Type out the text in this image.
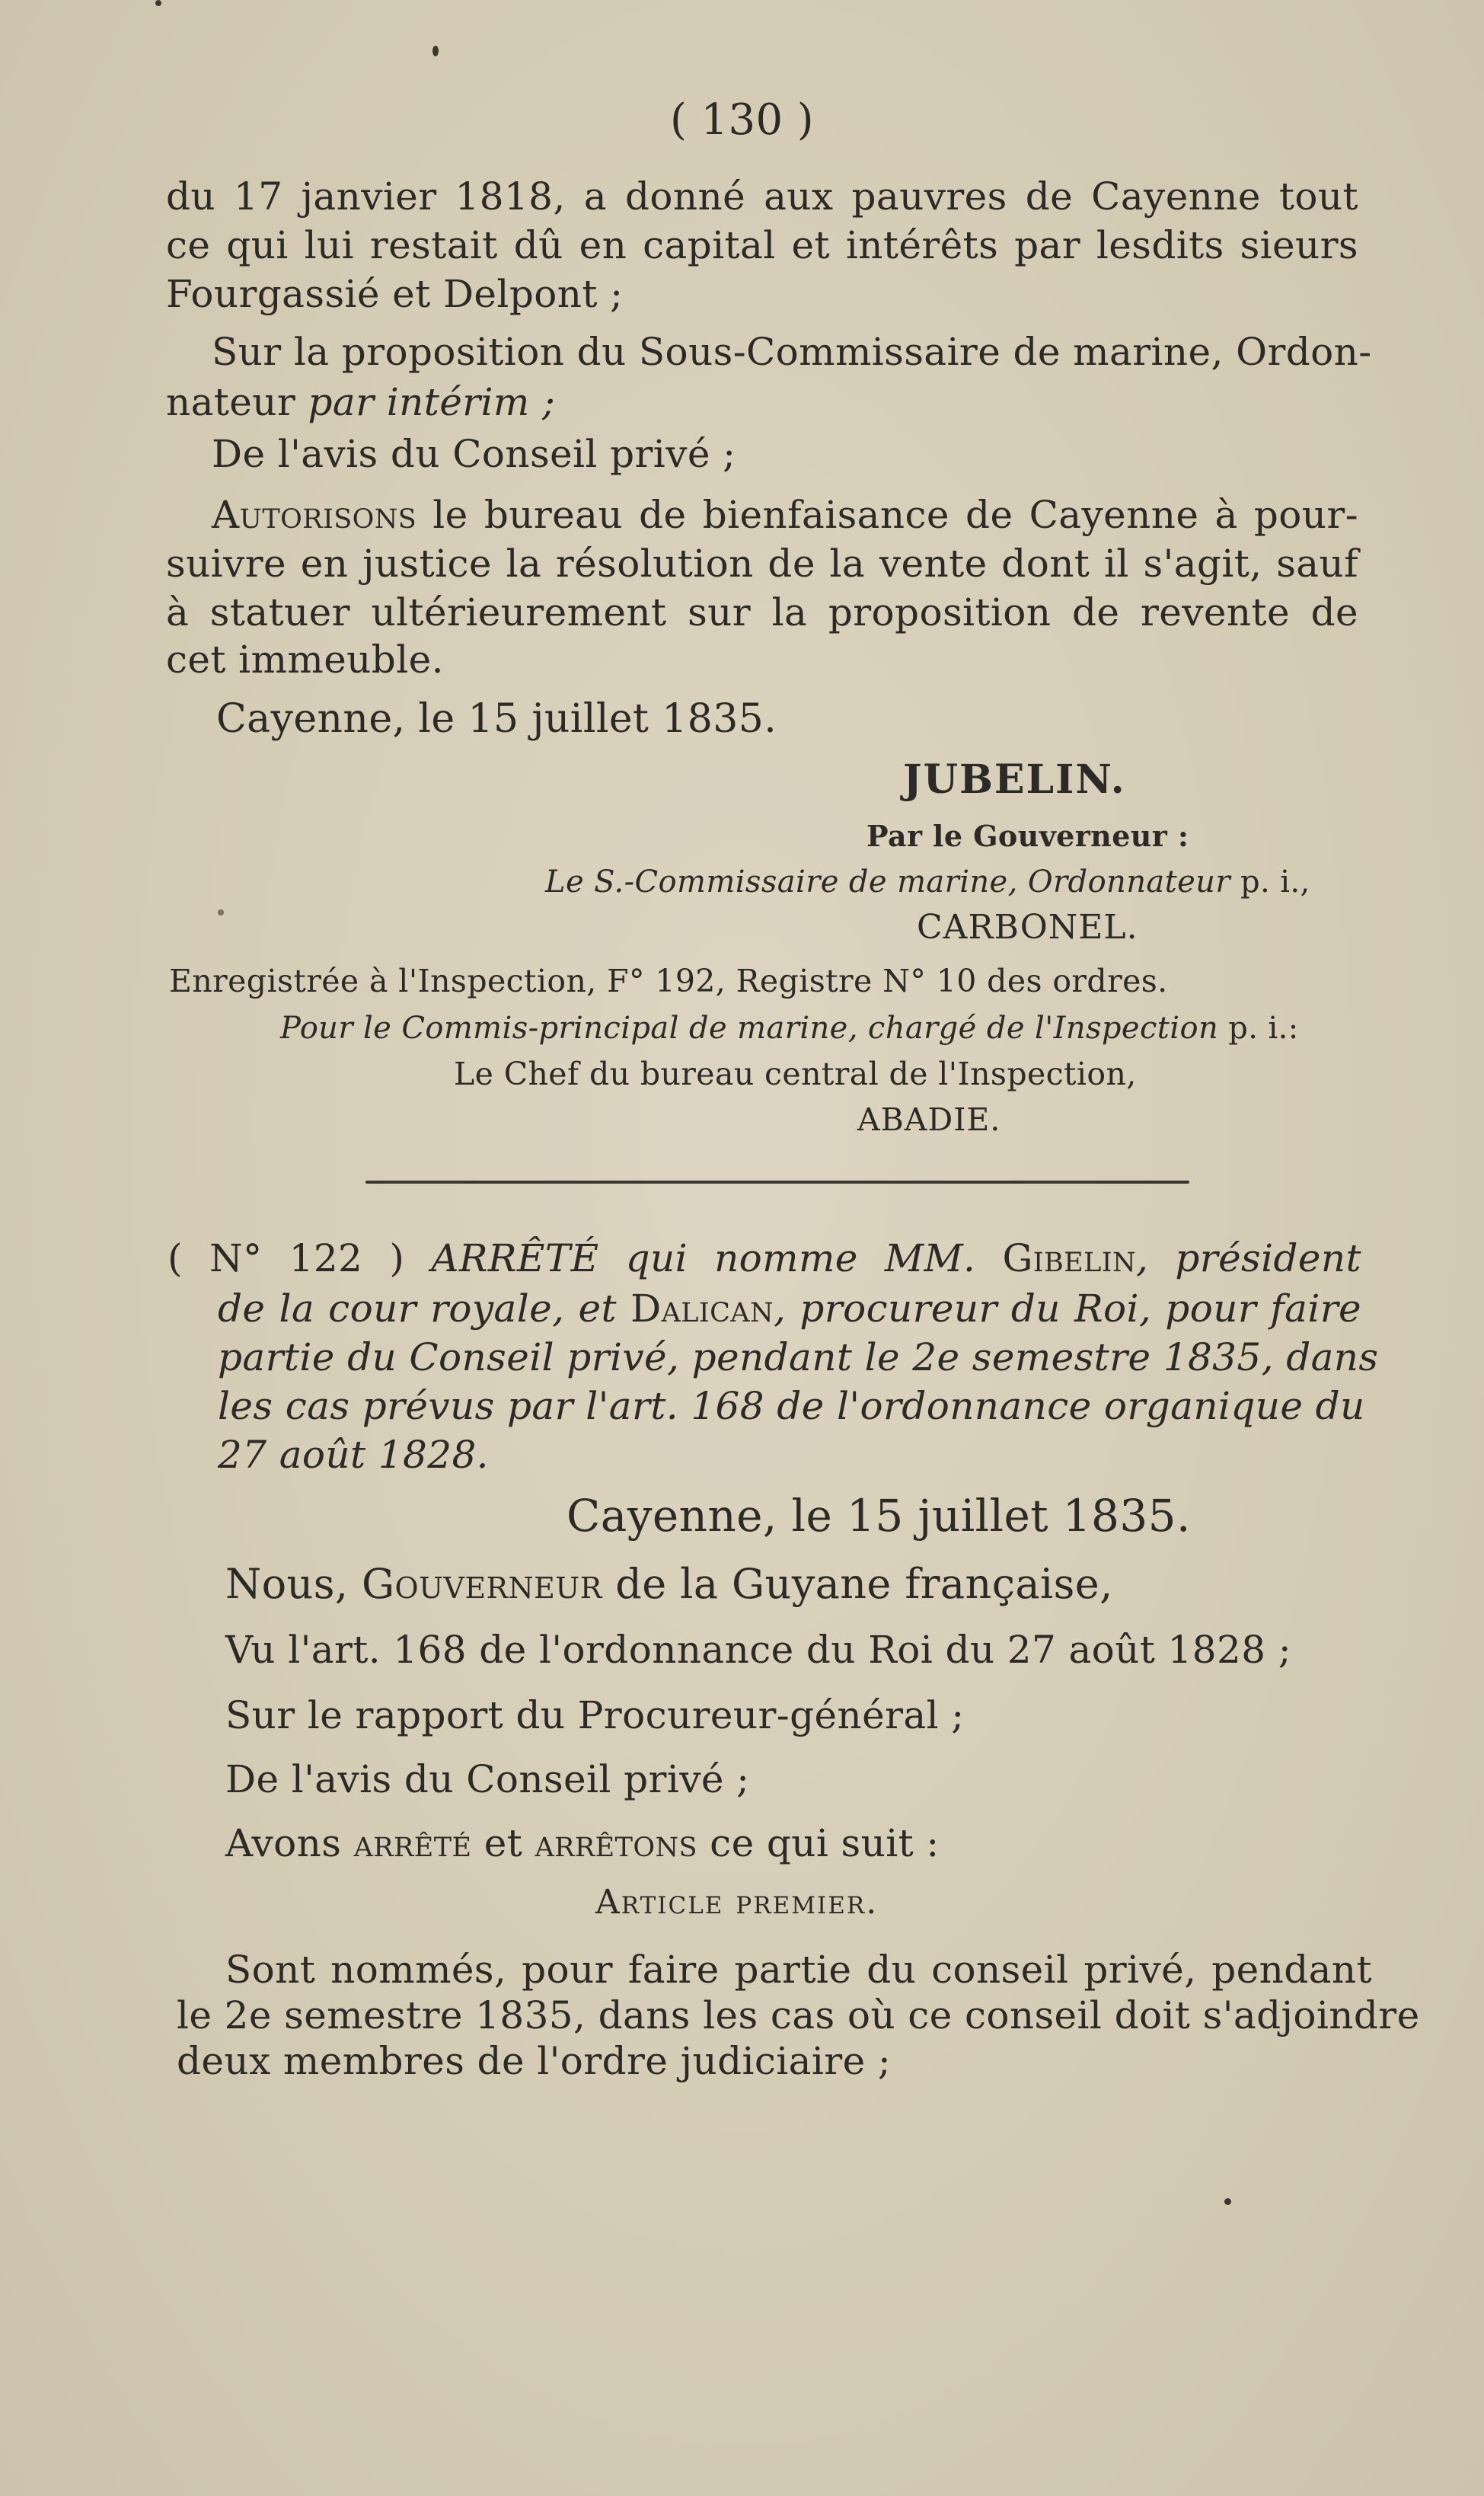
( 130 )
du 17 janvier 1818, a donné aux pauvres de Cayenne tout
ce qui lui restait dû en capital et intérêts par lesdits sieurs
Fourgassié et Delpont ;
Sur la proposition du Sous-Commissaire de marine, Ordon-
nateur par intérim ;
De l'avis du Conseil privé ;
Autorisons le bureau de bienfaisance de Cayenne à pour-
suivre en justice la résolution de la vente dont il s'agit, sauf
à statuer ultérieurement sur la proposition de revente de
cet immeuble.
Cayenne, le 15 juillet 1835.
JUBELIN.
Par le Gouverneur :
Le S.-Commissaire de marine, Ordonnateur p. i.,
CARBONEL.
Enregistrée à l'Inspection, F° 192, Registre N° 10 des ordres.
Pour le Commis-principal de marine, chargé de l'Inspection p. i.:
Le Chef du bureau central de l'Inspection,
ABADIE.
( N° 122 ) ARRÊTÉ qui nomme MM. Gibelin, président
de la cour royale, et Dalican, procureur du Roi, pour faire
partie du Conseil privé, pendant le 2e semestre 1835, dans
les cas prévus par l'art. 168 de l'ordonnance organique du
27 août 1828.
Cayenne, le 15 juillet 1835.
Nous, Gouverneur de la Guyane française,
Vu l'art. 168 de l'ordonnance du Roi du 27 août 1828 ;
Sur le rapport du Procureur-général ;
De l'avis du Conseil privé ;
Avons arrêté et arrêtons ce qui suit :
Article premier.
Sont nommés, pour faire partie du conseil privé, pendant
le 2e semestre 1835, dans les cas où ce conseil doit s'adjoindre
deux membres de l'ordre judiciaire ;
